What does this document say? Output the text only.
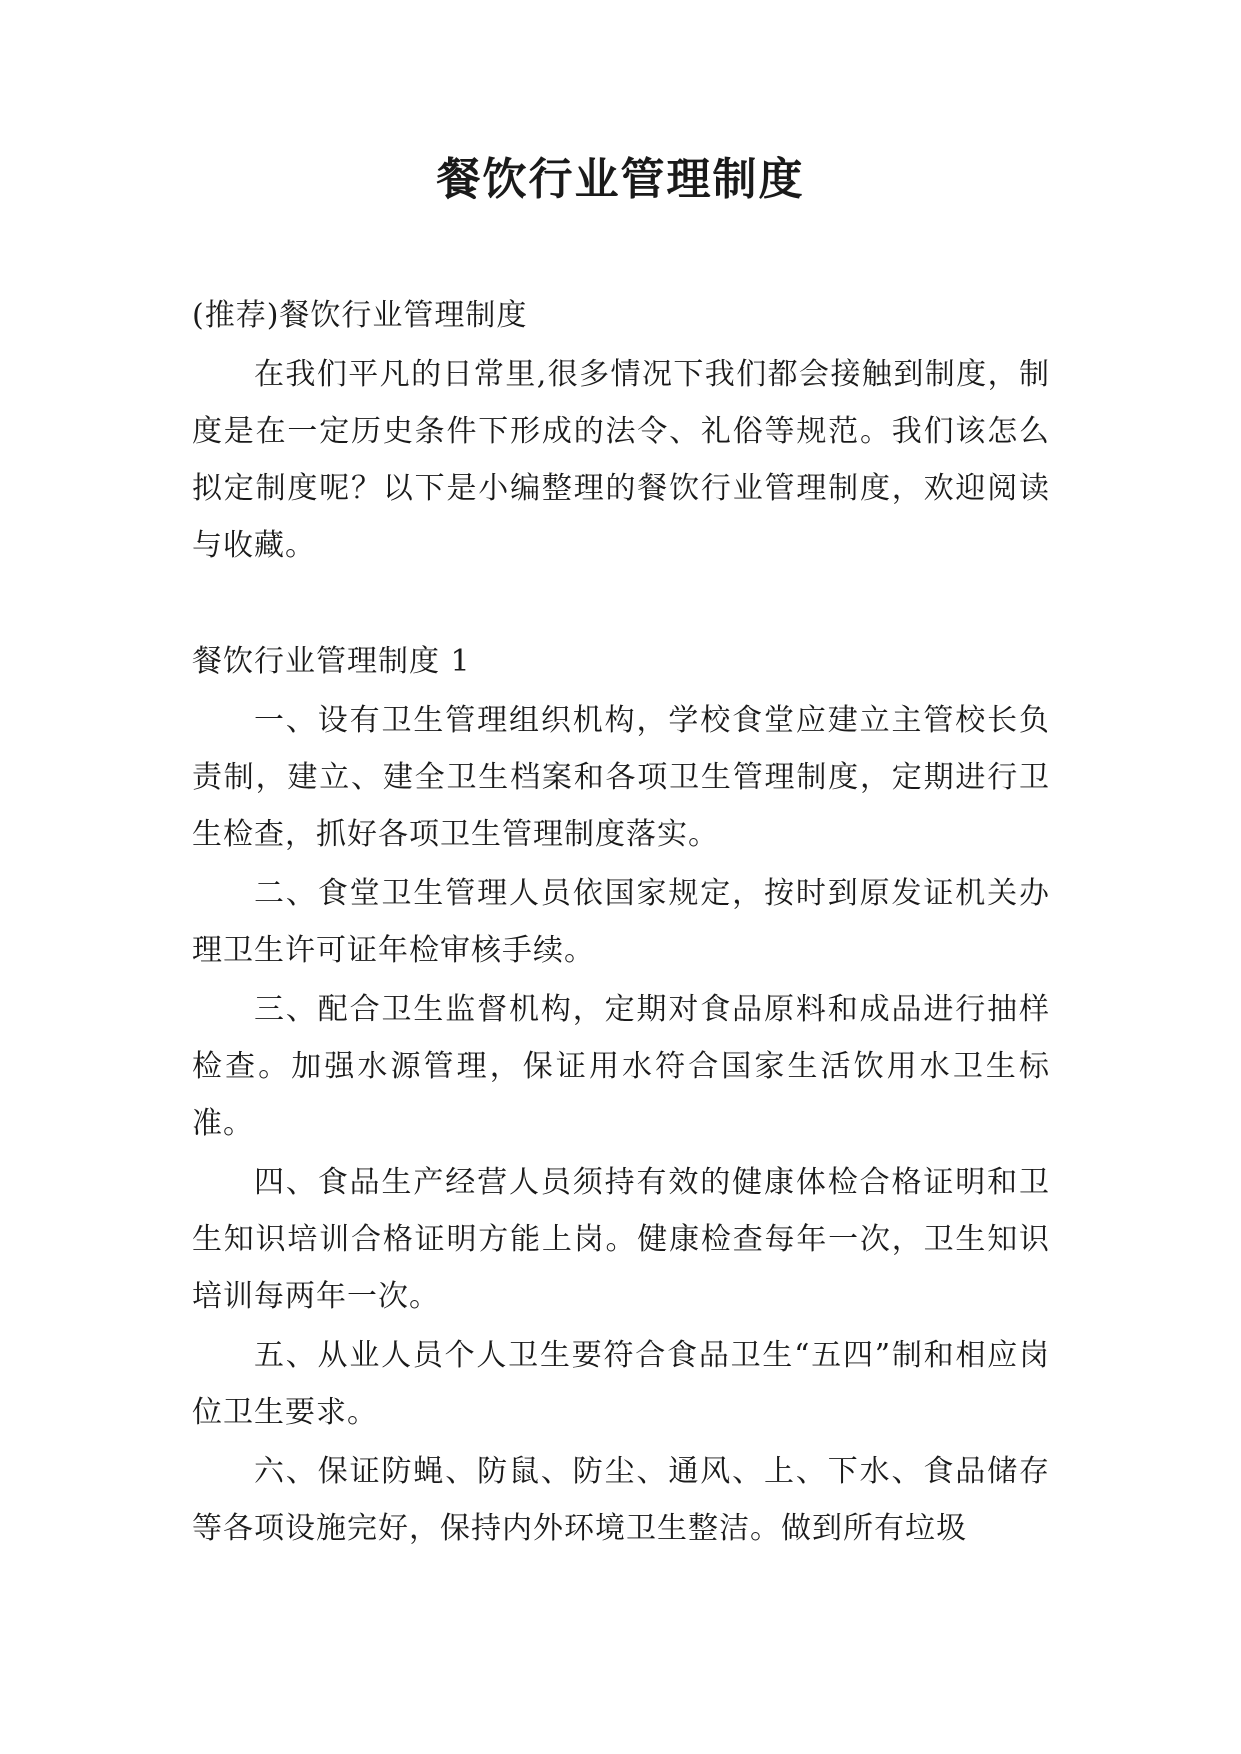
餐饮行业管理制度

(推荐)餐饮行业管理制度

在我们平凡的日常里,很多情况下我们都会接触到制度，制度是在一定历史条件下形成的法令、礼俗等规范。我们该怎么拟定制度呢？以下是小编整理的餐饮行业管理制度，欢迎阅读与收藏。

餐饮行业管理制度 1

一、设有卫生管理组织机构，学校食堂应建立主管校长负责制，建立、建全卫生档案和各项卫生管理制度，定期进行卫生检查，抓好各项卫生管理制度落实。

二、食堂卫生管理人员依国家规定，按时到原发证机关办理卫生许可证年检审核手续。

三、配合卫生监督机构，定期对食品原料和成品进行抽样检查。加强水源管理，保证用水符合国家生活饮用水卫生标准。

四、食品生产经营人员须持有效的健康体检合格证明和卫生知识培训合格证明方能上岗。健康检查每年一次，卫生知识培训每两年一次。

五、从业人员个人卫生要符合食品卫生“五四”制和相应岗位卫生要求。

六、保证防蝇、防鼠、防尘、通风、上、下水、食品储存等各项设施完好，保持内外环境卫生整洁。做到所有垃圾
